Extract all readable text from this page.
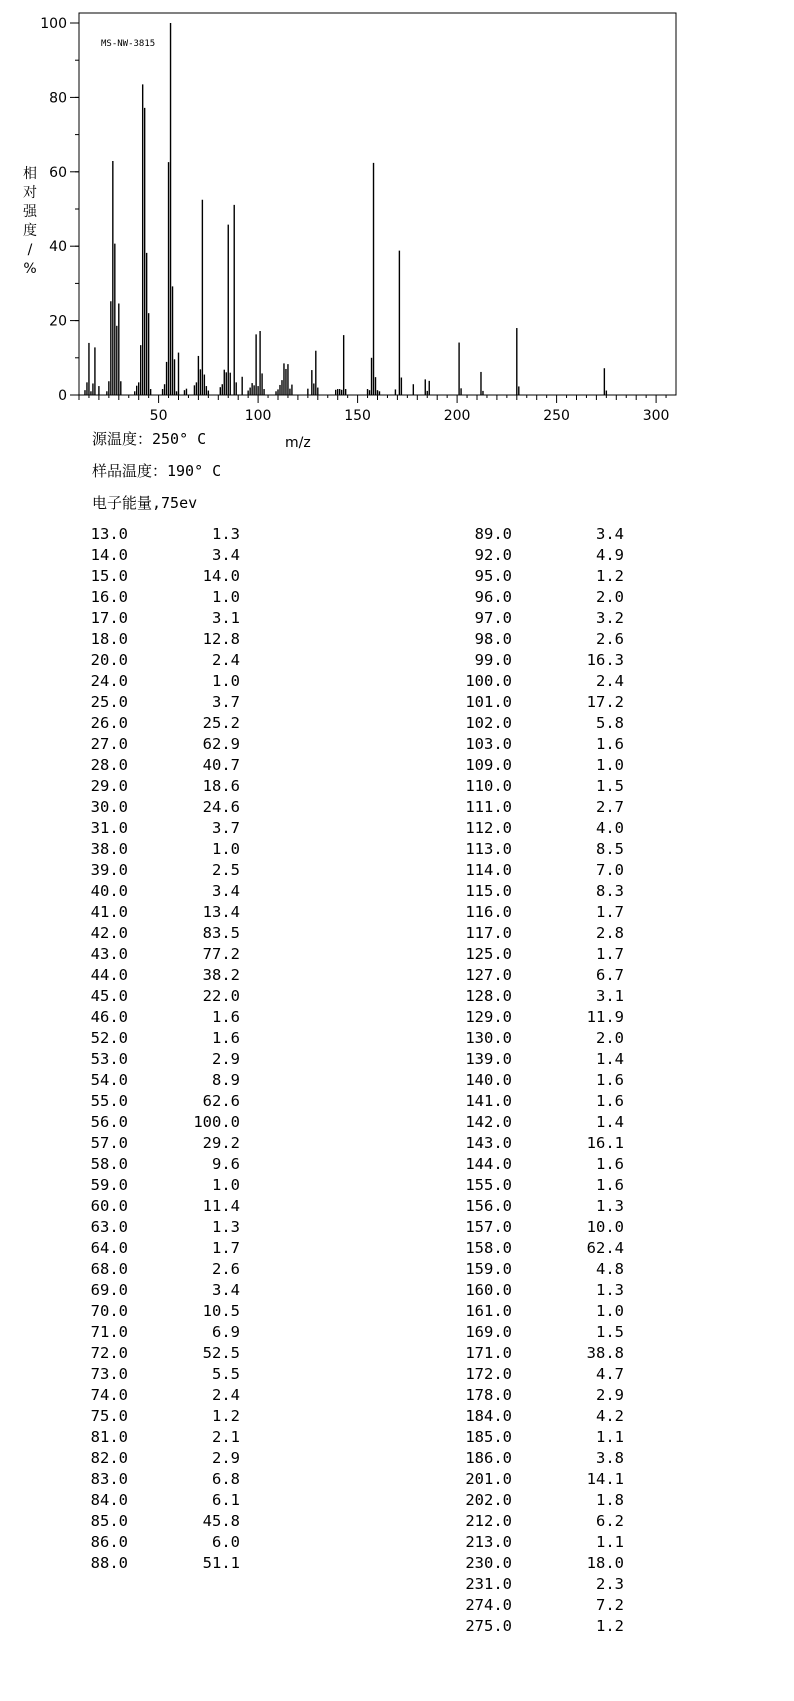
0
20
40
60
80
100
50	100	150	200	250	300
MS-NW-3815
m/z
相对强度/ %
源温度：250° C
样品温度：190° C
电子能量,75ev
13.0	1.3
14.0	3.4
15.0	14.0
16.0	1.0
17.0	3.1
18.0	12.8
20.0	2.4
24.0	1.0
25.0	3.7
26.0	25.2
27.0	62.9
28.0	40.7
29.0	18.6
30.0	24.6
31.0	3.7
38.0	1.0
39.0	2.5
40.0	3.4
41.0	13.4
42.0	83.5
43.0	77.2
44.0	38.2
45.0	22.0
46.0	1.6
52.0	1.6
53.0	2.9
54.0	8.9
55.0	62.6
56.0	100.0
57.0	29.2
58.0	9.6
59.0	1.0
60.0	11.4
63.0	1.3
64.0	1.7
68.0	2.6
69.0	3.4
70.0	10.5
71.0	6.9
72.0	52.5
73.0	5.5
74.0	2.4
75.0	1.2
81.0	2.1
82.0	2.9
83.0	6.8
84.0	6.1
85.0	45.8
86.0	6.0
88.0	51.1
89.0	3.4
92.0	4.9
95.0	1.2
96.0	2.0
97.0	3.2
98.0	2.6
99.0	16.3
100.0	2.4
101.0	17.2
102.0	5.8
103.0	1.6
109.0	1.0
110.0	1.5
111.0	2.7
112.0	4.0
113.0	8.5
114.0	7.0
115.0	8.3
116.0	1.7
117.0	2.8
125.0	1.7
127.0	6.7
128.0	3.1
129.0	11.9
130.0	2.0
139.0	1.4
140.0	1.6
141.0	1.6
142.0	1.4
143.0	16.1
144.0	1.6
155.0	1.6
156.0	1.3
157.0	10.0
158.0	62.4
159.0	4.8
160.0	1.3
161.0	1.0
169.0	1.5
171.0	38.8
172.0	4.7
178.0	2.9
184.0	4.2
185.0	1.1
186.0	3.8
201.0	14.1
202.0	1.8
212.0	6.2
213.0	1.1
230.0	18.0
231.0	2.3
274.0	7.2
275.0	1.2
